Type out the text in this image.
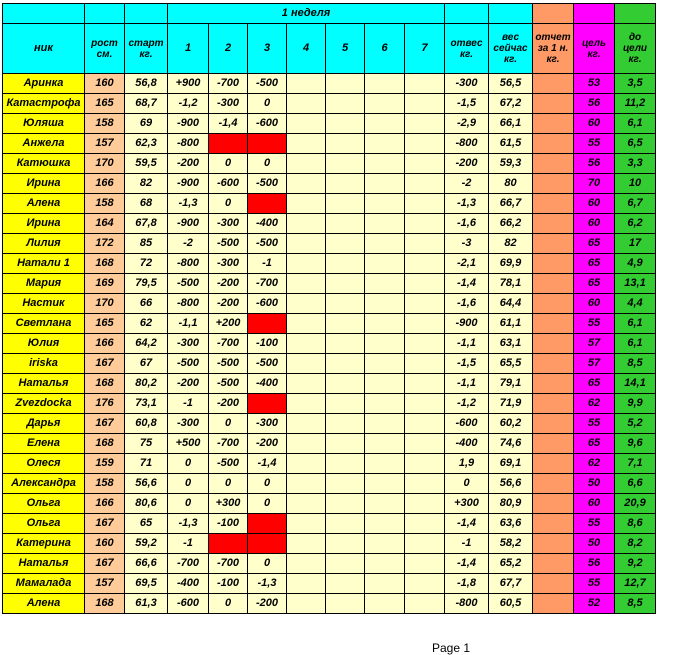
			1 неделя											
ник	рост см.	старт кг.	1	2	3	4	5	6	7	отвес кг.	вес сейчас кг.	отчет за 1 н. кг.	цель кг.	до цели кг.
Аринка	160	56,8	+900	-700	-500					-300	56,5		53	3,5
Катастрофа	165	68,7	-1,2	-300	0					-1,5	67,2		56	11,2
Юляша	158	69	-900	-1,4	-600					-2,9	66,1		60	6,1
Анжела	157	62,3	-800							-800	61,5		55	6,5
Катюшка	170	59,5	-200	0	0					-200	59,3		56	3,3
Ирина	166	82	-900	-600	-500					-2	80		70	10
Алена	158	68	-1,3	0						-1,3	66,7		60	6,7
Ирина	164	67,8	-900	-300	-400					-1,6	66,2		60	6,2
Лилия	172	85	-2	-500	-500					-3	82		65	17
Натали 1	168	72	-800	-300	-1					-2,1	69,9		65	4,9
Мария	169	79,5	-500	-200	-700					-1,4	78,1		65	13,1
Настик	170	66	-800	-200	-600					-1,6	64,4		60	4,4
Светлана	165	62	-1,1	+200						-900	61,1		55	6,1
Юлия	166	64,2	-300	-700	-100					-1,1	63,1		57	6,1
iriska	167	67	-500	-500	-500					-1,5	65,5		57	8,5
Наталья	168	80,2	-200	-500	-400					-1,1	79,1		65	14,1
Zvezdocka	176	73,1	-1	-200						-1,2	71,9		62	9,9
Дарья	167	60,8	-300	0	-300					-600	60,2		55	5,2
Елена	168	75	+500	-700	-200					-400	74,6		65	9,6
Олеся	159	71	0	-500	-1,4					1,9	69,1		62	7,1
Александра	158	56,6	0	0	0					0	56,6		50	6,6
Ольга	166	80,6	0	+300	0					+300	80,9		60	20,9
Ольга	167	65	-1,3	-100						-1,4	63,6		55	8,6
Катерина	160	59,2	-1							-1	58,2		50	8,2
Наталья	167	66,6	-700	-700	0					-1,4	65,2		56	9,2
Мамалада	157	69,5	-400	-100	-1,3					-1,8	67,7		55	12,7
Алена	168	61,3	-600	0	-200					-800	60,5		52	8,5
Page 1
